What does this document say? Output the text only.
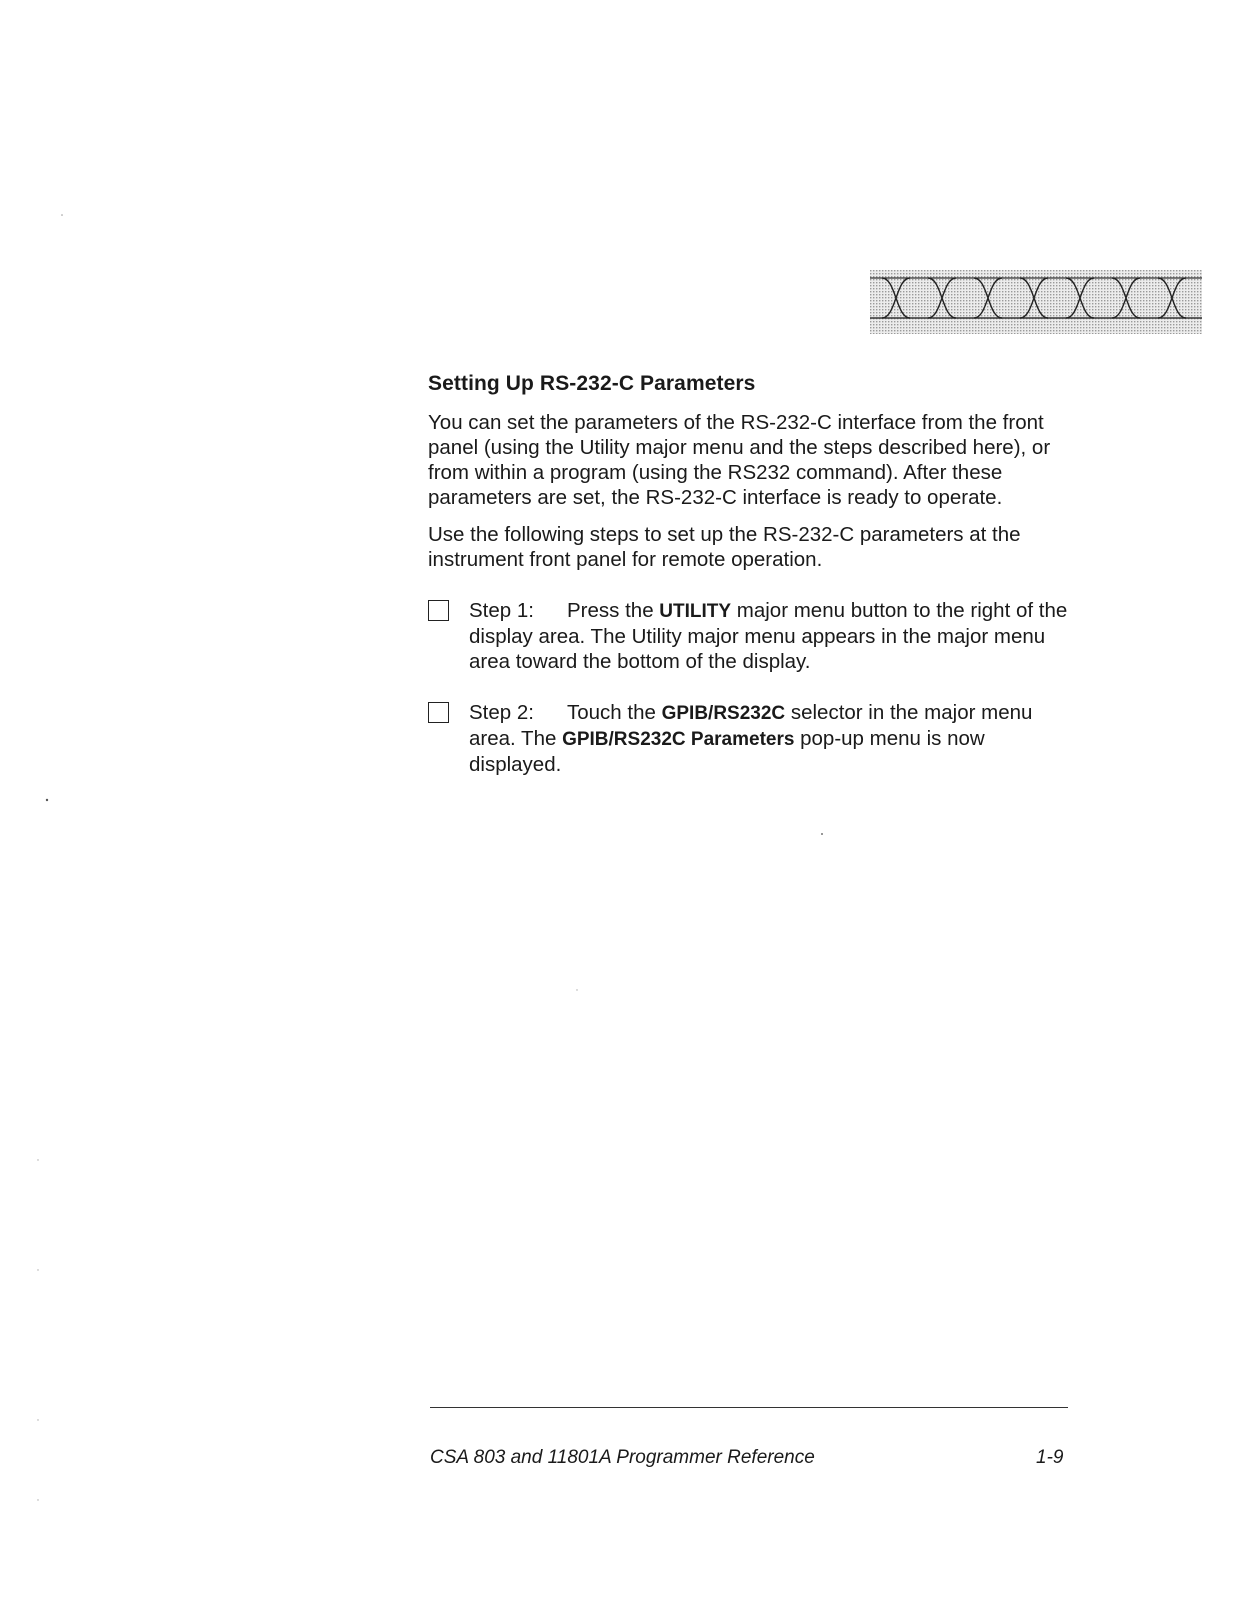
Setting Up RS-232-C Parameters

You can set the parameters of the RS-232-C interface from the front panel (using the Utility major menu and the steps described here), or from within a program (using the RS232 command). After these parameters are set, the RS-232-C interface is ready to operate.

Use the following steps to set up the RS-232-C parameters at the instrument front panel for remote operation.

Step 1: Press the UTILITY major menu button to the right of the display area. The Utility major menu appears in the major menu area toward the bottom of the display.
Step 2: Touch the GPIB/RS232C selector in the major menu area. The GPIB/RS232C Parameters pop-up menu is now displayed.
CSA 803 and 11801A Programmer Reference	1-9
